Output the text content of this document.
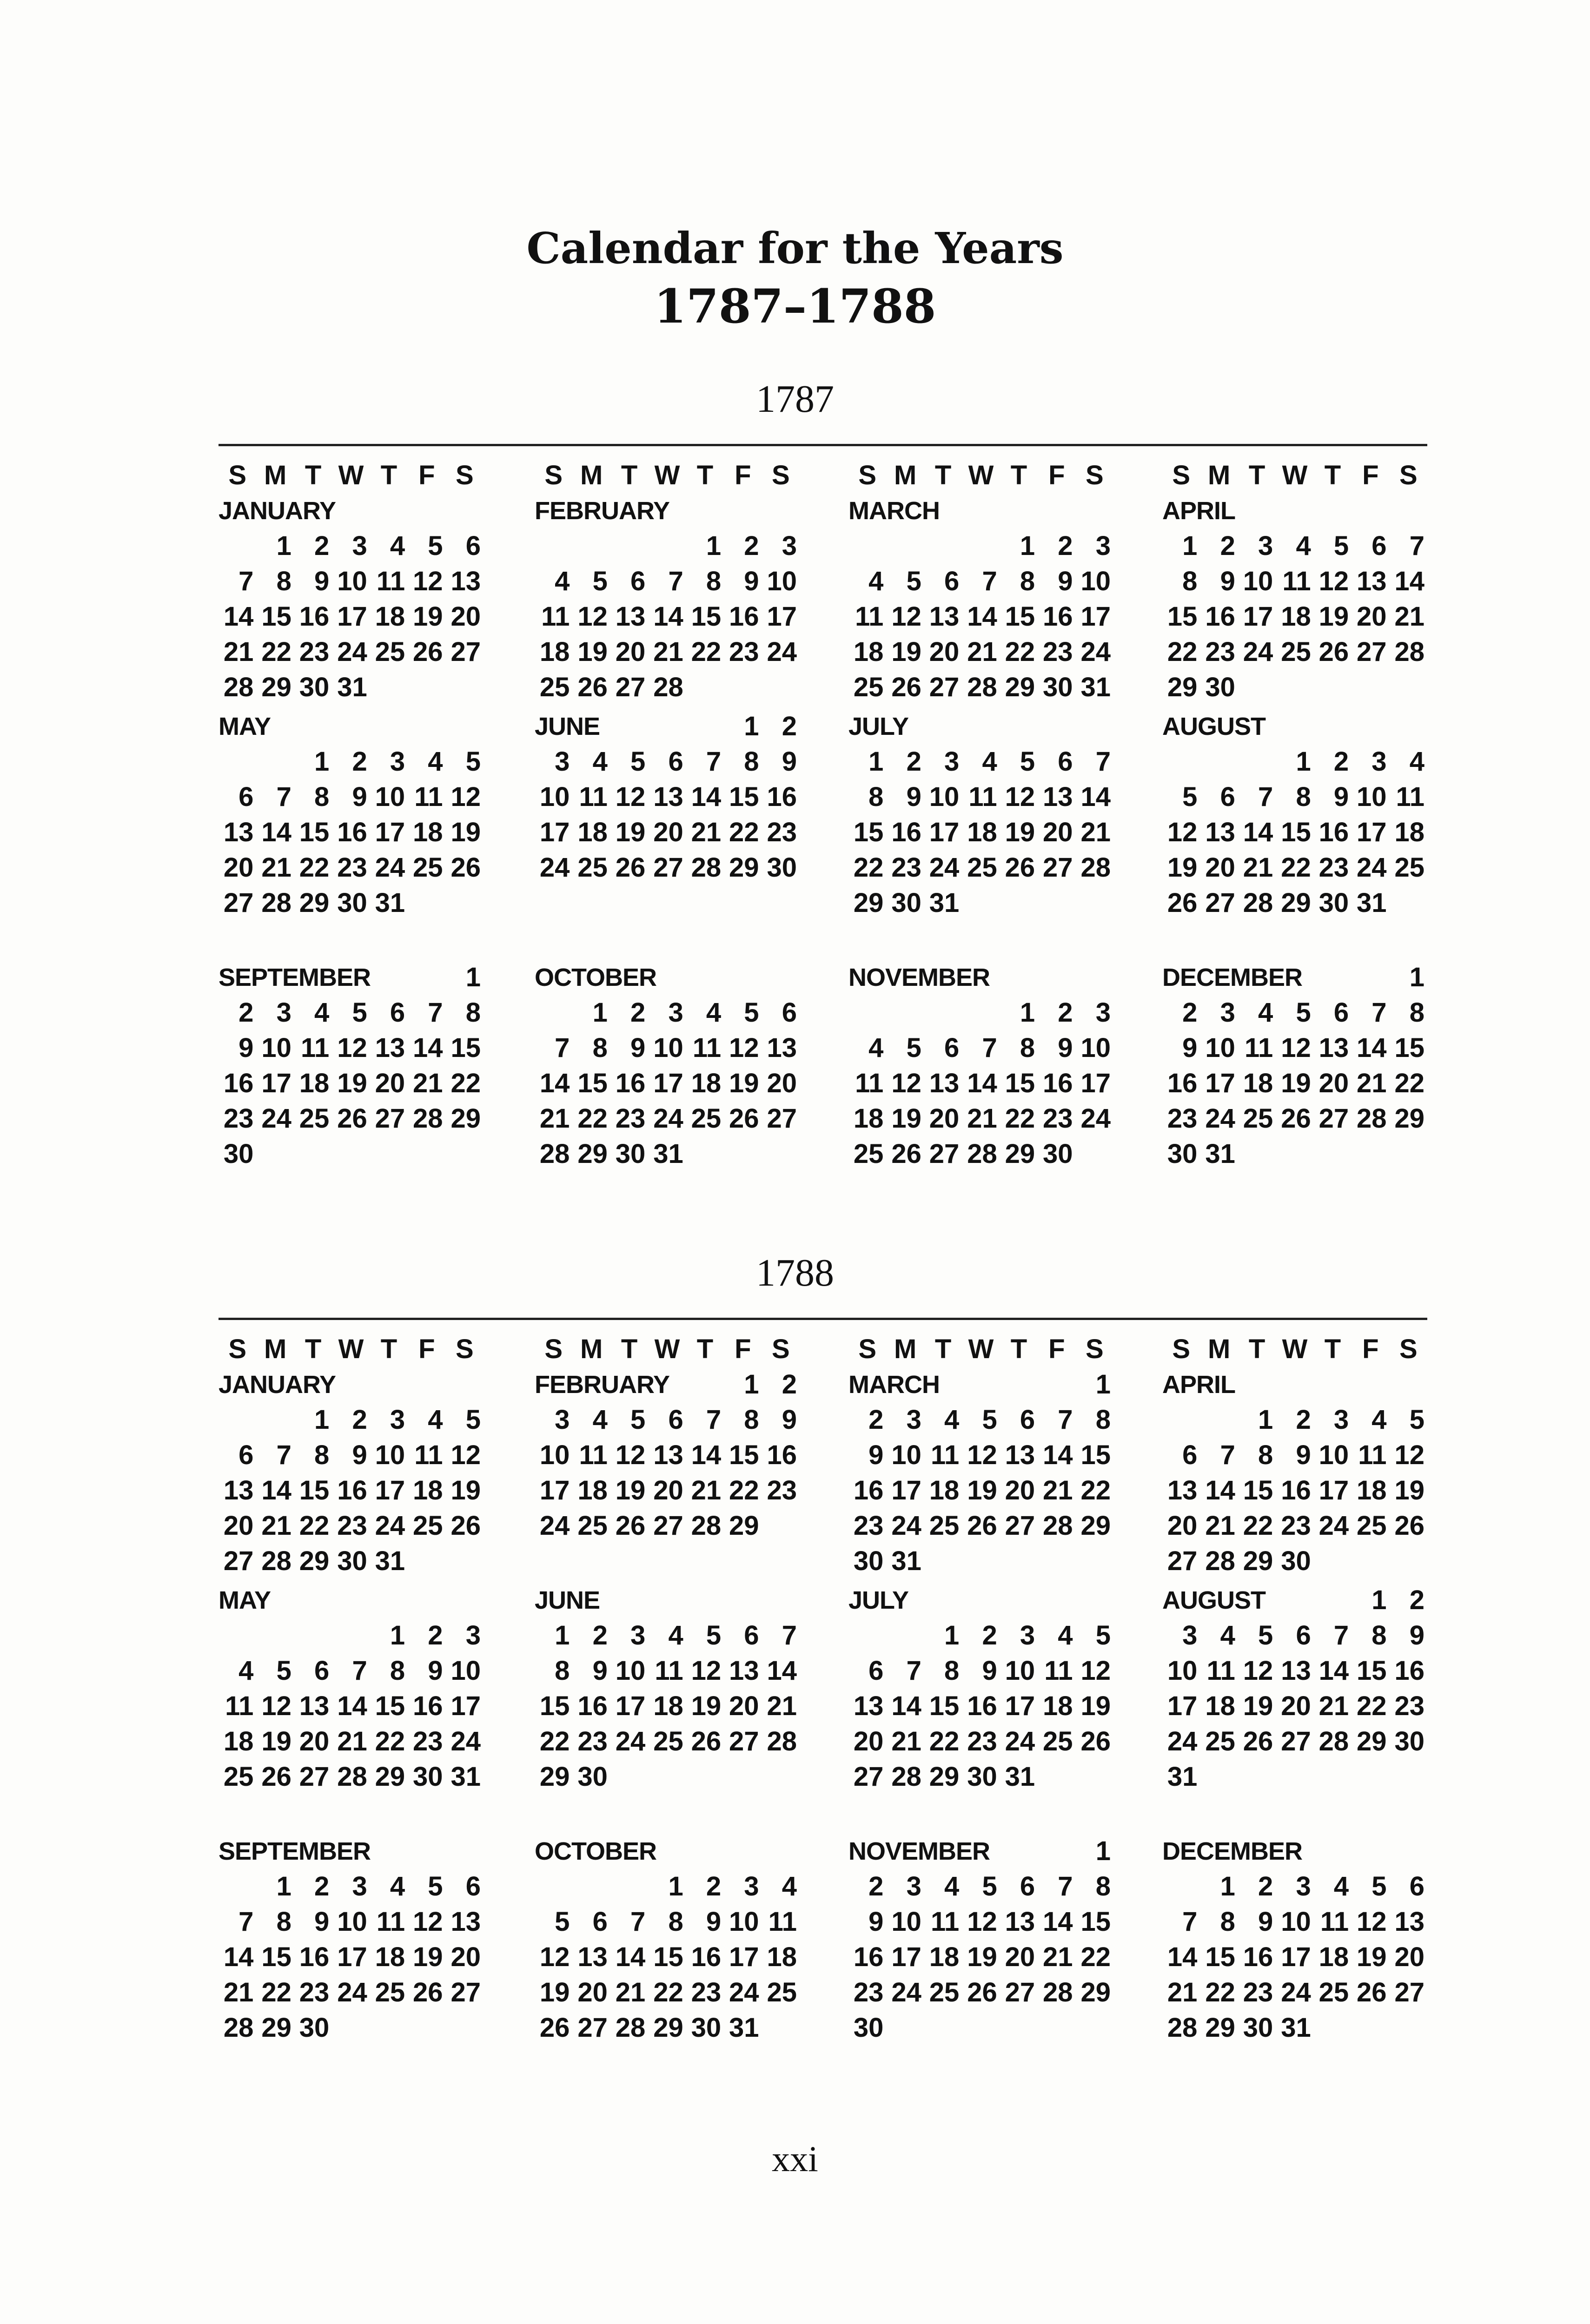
Calendar for the Years
1787–1788
1787
S M T W T F S
JANUARY
1 2 3 4 5 6
7 8 9 10 11 12 13
14 15 16 17 18 19 20
21 22 23 24 25 26 27
28 29 30 31
S M T W T F S
FEBRUARY
1 2 3
4 5 6 7 8 9 10
11 12 13 14 15 16 17
18 19 20 21 22 23 24
25 26 27 28
S M T W T F S
MARCH
1 2 3
4 5 6 7 8 9 10
11 12 13 14 15 16 17
18 19 20 21 22 23 24
25 26 27 28 29 30 31
S M T W T F S
APRIL
1 2 3 4 5 6 7
8 9 10 11 12 13 14
15 16 17 18 19 20 21
22 23 24 25 26 27 28
29 30
MAY
1 2 3 4 5
6 7 8 9 10 11 12
13 14 15 16 17 18 19
20 21 22 23 24 25 26
27 28 29 30 31
1 2
JUNE
3 4 5 6 7 8 9
10 11 12 13 14 15 16
17 18 19 20 21 22 23
24 25 26 27 28 29 30
JULY
1 2 3 4 5 6 7
8 9 10 11 12 13 14
15 16 17 18 19 20 21
22 23 24 25 26 27 28
29 30 31
AUGUST
1 2 3 4
5 6 7 8 9 10 11
12 13 14 15 16 17 18
19 20 21 22 23 24 25
26 27 28 29 30 31
1
SEPTEMBER
2 3 4 5 6 7 8
9 10 11 12 13 14 15
16 17 18 19 20 21 22
23 24 25 26 27 28 29
30
OCTOBER
1 2 3 4 5 6
7 8 9 10 11 12 13
14 15 16 17 18 19 20
21 22 23 24 25 26 27
28 29 30 31
NOVEMBER
1 2 3
4 5 6 7 8 9 10
11 12 13 14 15 16 17
18 19 20 21 22 23 24
25 26 27 28 29 30
1
DECEMBER
2 3 4 5 6 7 8
9 10 11 12 13 14 15
16 17 18 19 20 21 22
23 24 25 26 27 28 29
30 31
1788
S M T W T F S
JANUARY
1 2 3 4 5
6 7 8 9 10 11 12
13 14 15 16 17 18 19
20 21 22 23 24 25 26
27 28 29 30 31
S M T W T F S
1 2
FEBRUARY
3 4 5 6 7 8 9
10 11 12 13 14 15 16
17 18 19 20 21 22 23
24 25 26 27 28 29
S M T W T F S
1
MARCH
2 3 4 5 6 7 8
9 10 11 12 13 14 15
16 17 18 19 20 21 22
23 24 25 26 27 28 29
30 31
S M T W T F S
APRIL
1 2 3 4 5
6 7 8 9 10 11 12
13 14 15 16 17 18 19
20 21 22 23 24 25 26
27 28 29 30
MAY
1 2 3
4 5 6 7 8 9 10
11 12 13 14 15 16 17
18 19 20 21 22 23 24
25 26 27 28 29 30 31
JUNE
1 2 3 4 5 6 7
8 9 10 11 12 13 14
15 16 17 18 19 20 21
22 23 24 25 26 27 28
29 30
JULY
1 2 3 4 5
6 7 8 9 10 11 12
13 14 15 16 17 18 19
20 21 22 23 24 25 26
27 28 29 30 31
1 2
AUGUST
3 4 5 6 7 8 9
10 11 12 13 14 15 16
17 18 19 20 21 22 23
24 25 26 27 28 29 30
31
SEPTEMBER
1 2 3 4 5 6
7 8 9 10 11 12 13
14 15 16 17 18 19 20
21 22 23 24 25 26 27
28 29 30
OCTOBER
1 2 3 4
5 6 7 8 9 10 11
12 13 14 15 16 17 18
19 20 21 22 23 24 25
26 27 28 29 30 31
1
NOVEMBER
2 3 4 5 6 7 8
9 10 11 12 13 14 15
16 17 18 19 20 21 22
23 24 25 26 27 28 29
30
DECEMBER
1 2 3 4 5 6
7 8 9 10 11 12 13
14 15 16 17 18 19 20
21 22 23 24 25 26 27
28 29 30 31
xxi
